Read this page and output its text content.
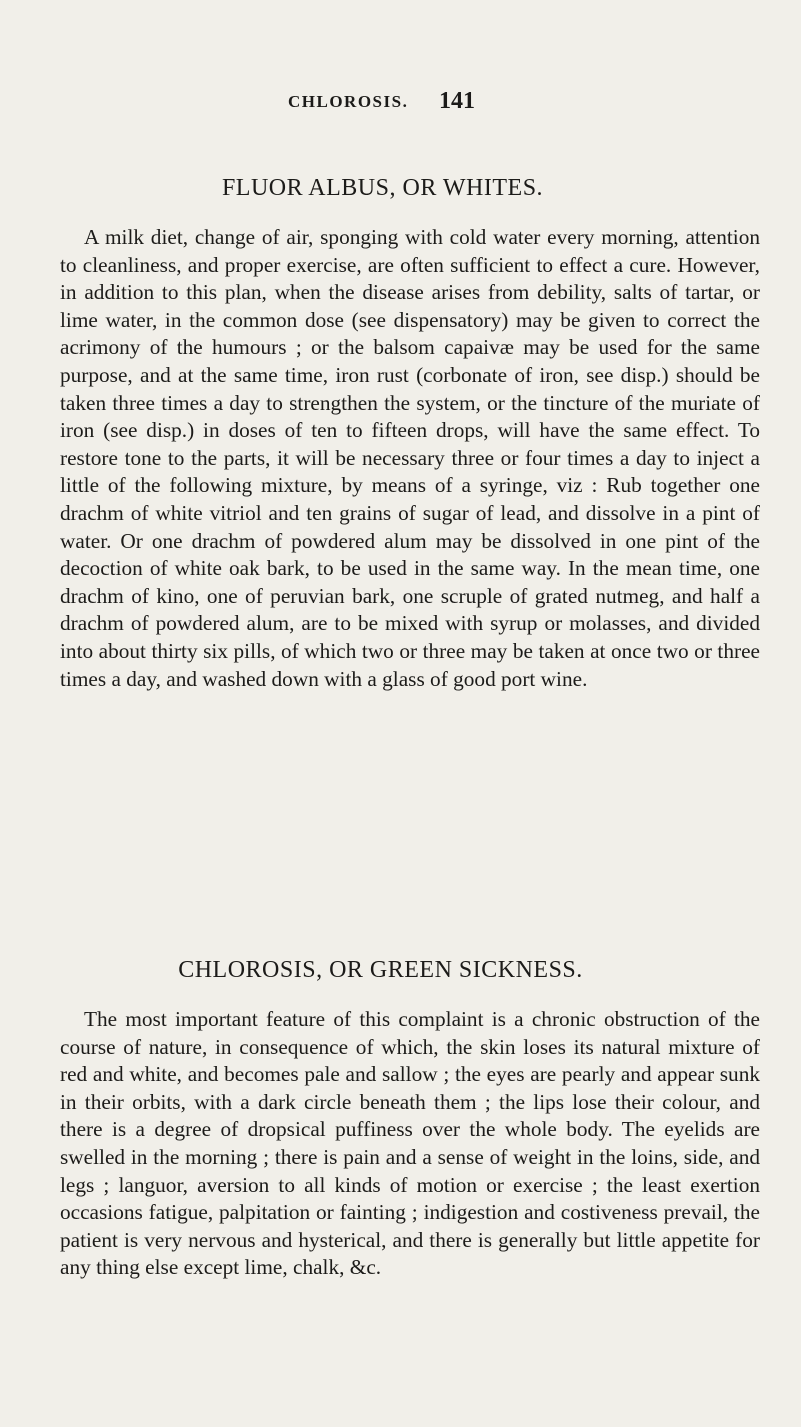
CHLOROSIS. 141
FLUOR ALBUS, OR WHITES.

A milk diet, change of air, sponging with cold water every morning, attention to cleanliness, and proper exercise, are often sufficient to effect a cure. However, in addition to this plan, when the disease arises from debility, salts of tartar, or lime water, in the common dose (see dispensatory) may be given to correct the acrimony of the humours ; or the balsom capaivæ may be used for the same purpose, and at the same time, iron rust (corbonate of iron, see disp.) should be taken three times a day to strengthen the system, or the tincture of the muriate of iron (see disp.) in doses of ten to fifteen drops, will have the same effect. To restore tone to the parts, it will be necessary three or four times a day to inject a little of the following mixture, by means of a syringe, viz : Rub together one drachm of white vitriol and ten grains of sugar of lead, and dissolve in a pint of water. Or one drachm of powdered alum may be dissolved in one pint of the decoction of white oak bark, to be used in the same way. In the mean time, one drachm of kino, one of peruvian bark, one scruple of grated nutmeg, and half a drachm of powdered alum, are to be mixed with syrup or molasses, and divided into about thirty six pills, of which two or three may be taken at once two or three times a day, and washed down with a glass of good port wine.

CHLOROSIS, OR GREEN SICKNESS.

The most important feature of this complaint is a chronic obstruction of the course of nature, in consequence of which, the skin loses its natural mixture of red and white, and becomes pale and sallow ; the eyes are pearly and appear sunk in their orbits, with a dark circle beneath them ; the lips lose their colour, and there is a degree of dropsical puffiness over the whole body. The eyelids are swelled in the morning ; there is pain and a sense of weight in the loins, side, and legs ; languor, aversion to all kinds of motion or exercise ; the least exertion occasions fatigue, palpitation or fainting ; indigestion and costiveness prevail, the patient is very nervous and hysterical, and there is generally but little appetite for any thing else except lime, chalk, &c.
